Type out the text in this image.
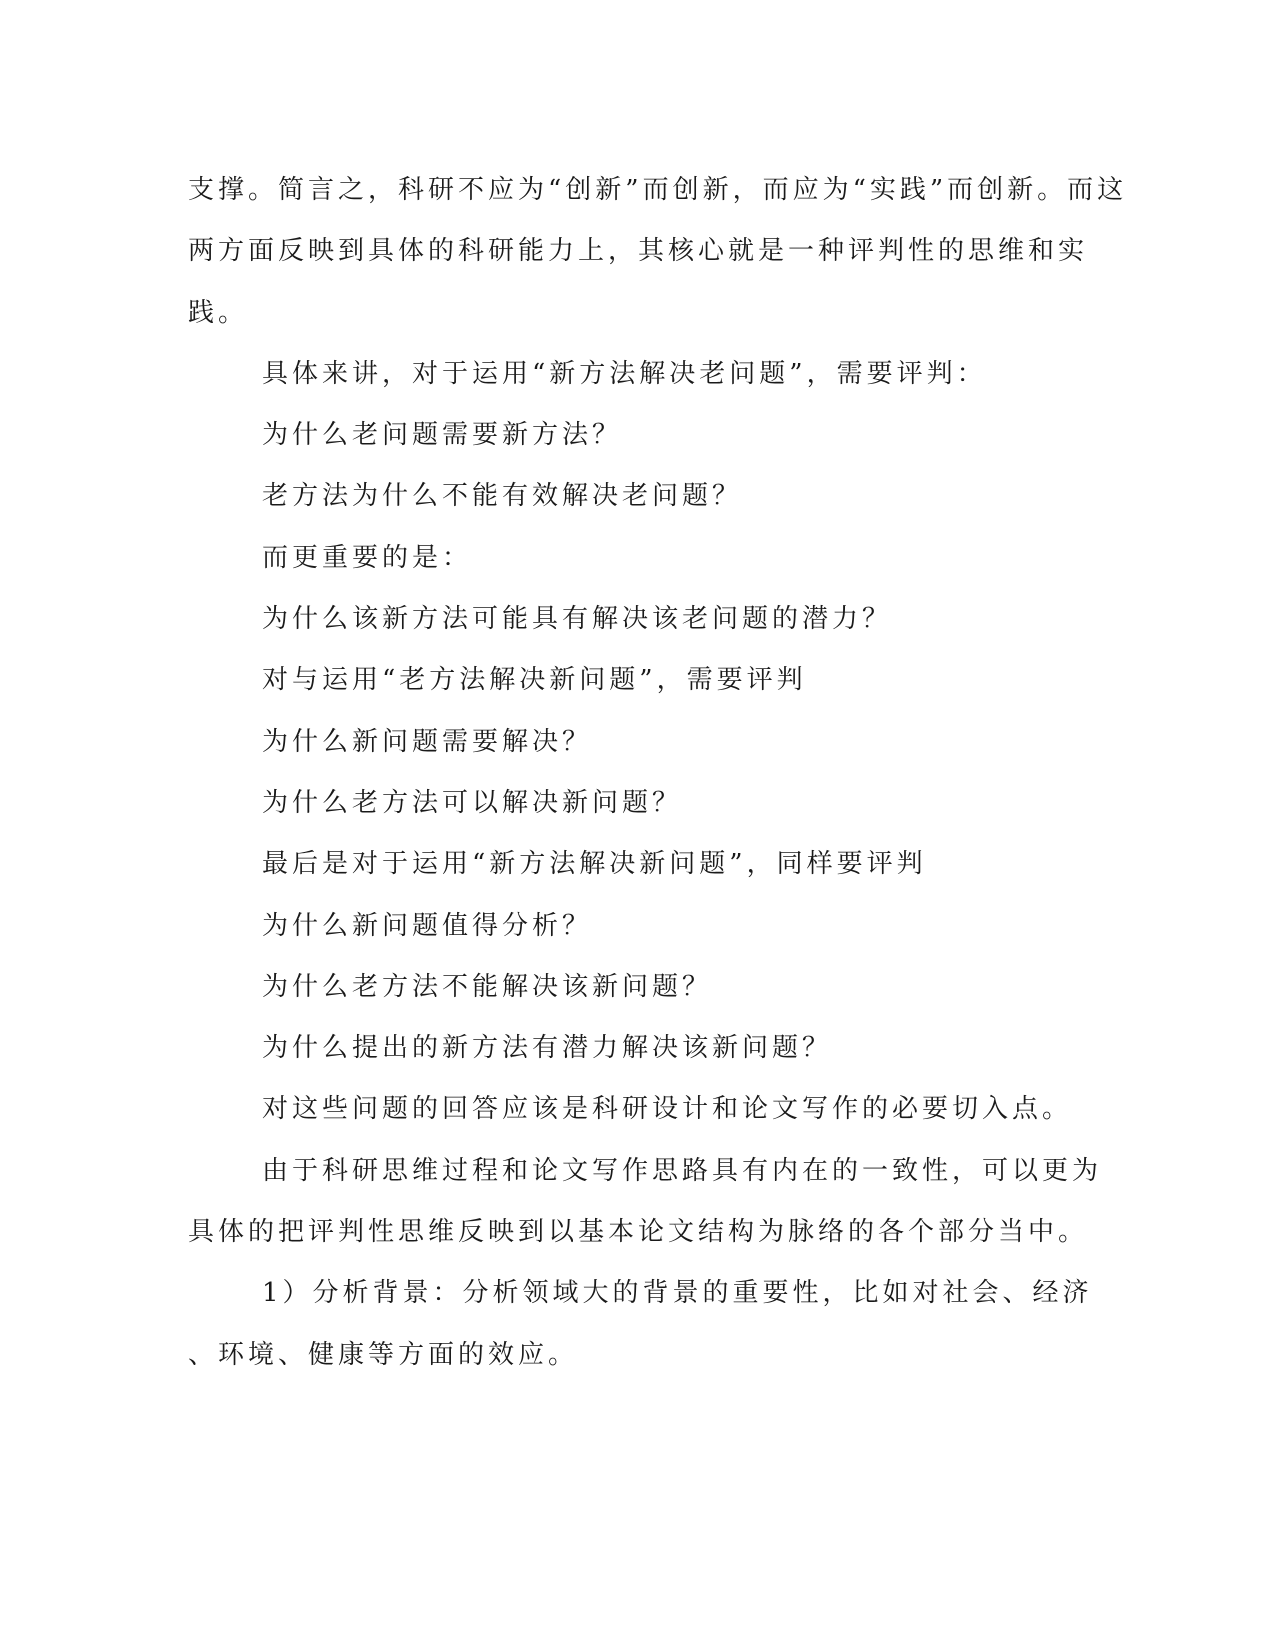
支撑。简言之，科研不应为“创新”而创新，而应为“实践”而创新。而这

两方面反映到具体的科研能力上，其核心就是一种评判性的思维和实

践。

具体来讲，对于运用“新方法解决老问题”，需要评判：

为什么老问题需要新方法？

老方法为什么不能有效解决老问题？

而更重要的是：

为什么该新方法可能具有解决该老问题的潜力？

对与运用“老方法解决新问题”，需要评判

为什么新问题需要解决？

为什么老方法可以解决新问题？

最后是对于运用“新方法解决新问题”，同样要评判

为什么新问题值得分析？

为什么老方法不能解决该新问题？

为什么提出的新方法有潜力解决该新问题？

对这些问题的回答应该是科研设计和论文写作的必要切入点。

由于科研思维过程和论文写作思路具有内在的一致性，可以更为

具体的把评判性思维反映到以基本论文结构为脉络的各个部分当中。

1）分析背景：分析领域大的背景的重要性，比如对社会、经济

、环境、健康等方面的效应。
